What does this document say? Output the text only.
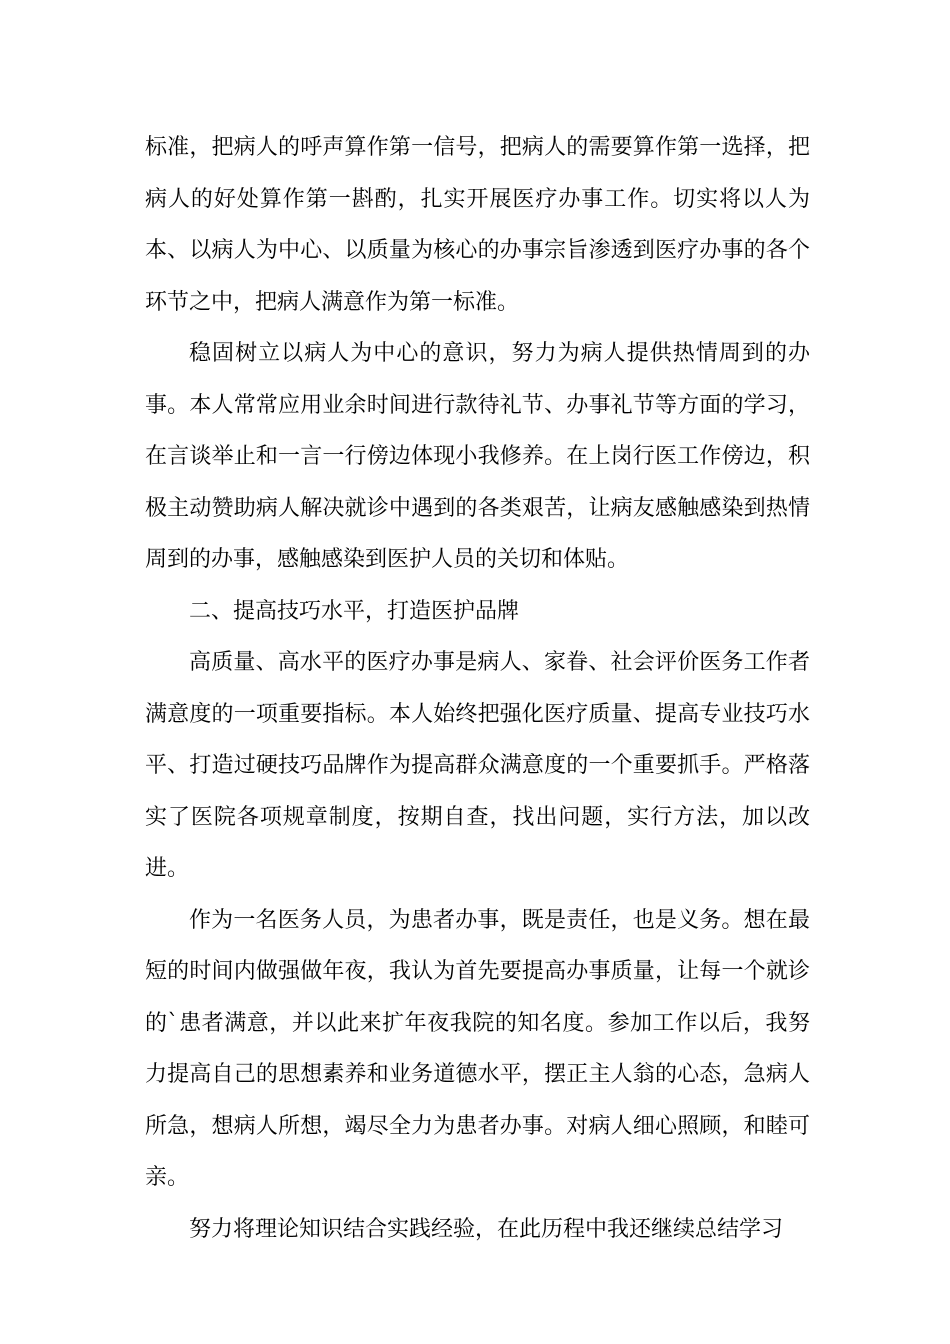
标准，把病人的呼声算作第一信号，把病人的需要算作第一选择，把病人的好处算作第一斟酌，扎实开展医疗办事工作。切实将以人为本、以病人为中心、以质量为核心的办事宗旨渗透到医疗办事的各个环节之中，把病人满意作为第一标准。

稳固树立以病人为中心的意识，努力为病人提供热情周到的办事。本人常常应用业余时间进行款待礼节、办事礼节等方面的学习，在言谈举止和一言一行傍边体现小我修养。在上岗行医工作傍边，积极主动赞助病人解决就诊中遇到的各类艰苦，让病友感触感染到热情周到的办事，感触感染到医护人员的关切和体贴。

二、提高技巧水平，打造医护品牌

高质量、高水平的医疗办事是病人、家眷、社会评价医务工作者满意度的一项重要指标。本人始终把强化医疗质量、提高专业技巧水平、打造过硬技巧品牌作为提高群众满意度的一个重要抓手。严格落实了医院各项规章制度，按期自查，找出问题，实行方法，加以改进。

作为一名医务人员，为患者办事，既是责任，也是义务。想在最短的时间内做强做年夜，我认为首先要提高办事质量，让每一个就诊的`患者满意，并以此来扩年夜我院的知名度。参加工作以后，我努力提高自己的思想素养和业务道德水平，摆正主人翁的心态，急病人所急，想病人所想，竭尽全力为患者办事。对病人细心照顾，和睦可亲。

努力将理论知识结合实践经验，在此历程中我还继续总结学习
